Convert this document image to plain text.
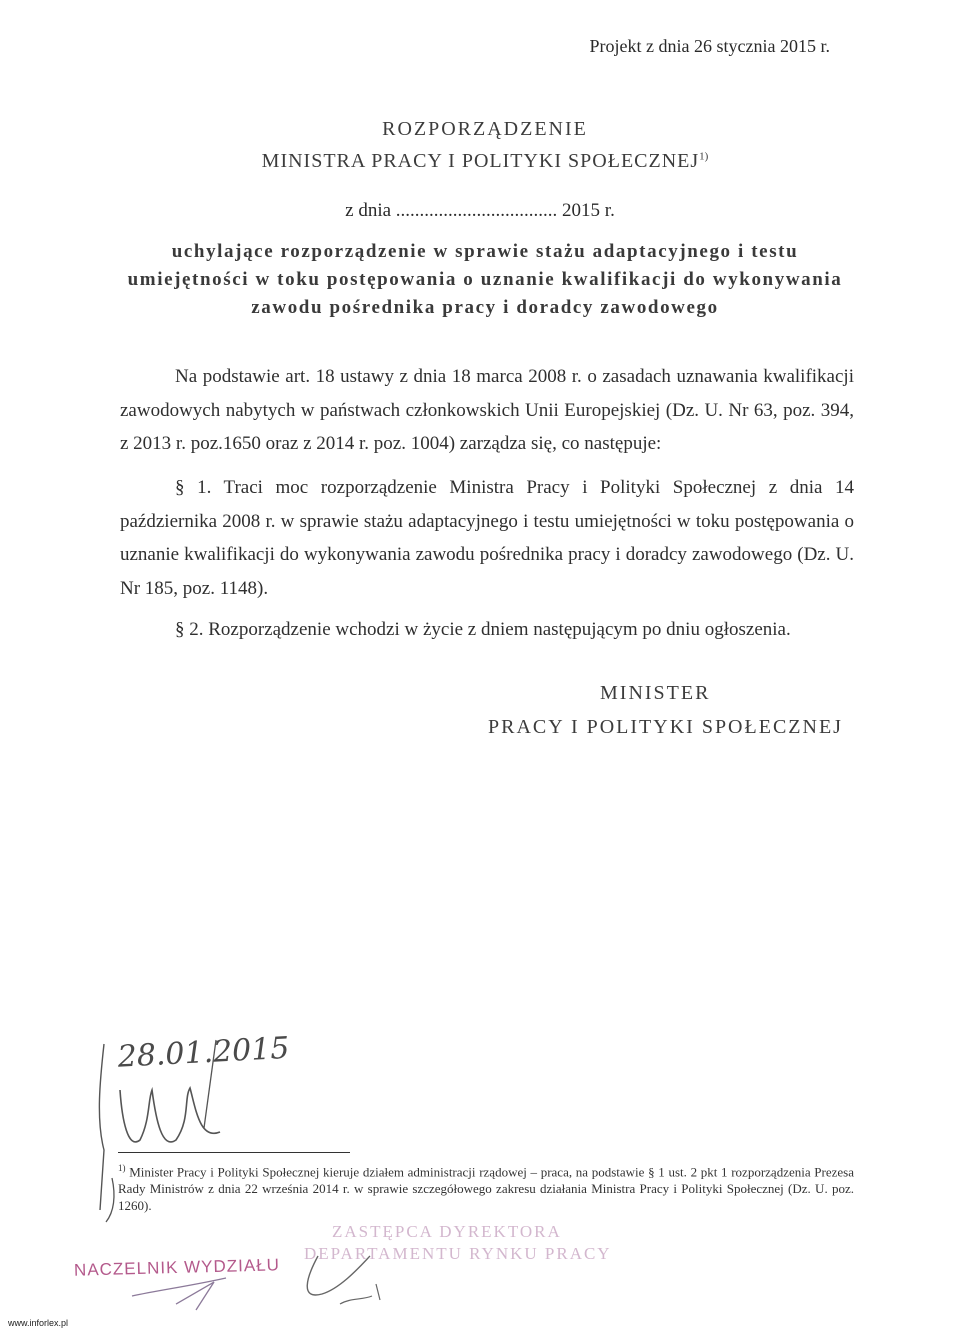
Projekt z dnia 26 stycznia 2015 r.
ROZPORZĄDZENIE
MINISTRA PRACY I POLITYKI SPOŁECZNEJ$^{1)}$
z dnia .................................. 2015 r.
uchylające rozporządzenie w sprawie stażu adaptacyjnego i testu
umiejętności w toku postępowania o uznanie kwalifikacji do wykonywania
zawodu pośrednika pracy i doradcy zawodowego
Na podstawie art. 18 ustawy z dnia 18 marca 2008 r. o zasadach uznawania kwalifikacji zawodowych nabytych w państwach członkowskich Unii Europejskiej (Dz. U. Nr 63, poz. 394, z 2013 r. poz.1650 oraz z 2014 r. poz. 1004) zarządza się, co następuje:
§ 1. Traci moc rozporządzenie Ministra Pracy i Polityki Społecznej z dnia 14 października 2008 r. w sprawie stażu adaptacyjnego i testu umiejętności w toku postępowania o uznanie kwalifikacji do wykonywania zawodu pośrednika pracy i doradcy zawodowego (Dz. U. Nr 185, poz. 1148).
§ 2. Rozporządzenie wchodzi w życie z dniem następującym po dniu ogłoszenia.
MINISTER
PRACY I POLITYKI SPOŁECZNEJ
28.01.2015
$^{1)}$ Minister Pracy i Polityki Społecznej kieruje działem administracji rządowej – praca, na podstawie § 1 ust. 2 pkt 1 rozporządzenia Prezesa Rady Ministrów z dnia 22 września 2014 r. w sprawie szczegółowego zakresu działania Ministra Pracy i Polityki Społecznej (Dz. U. poz. 1260).
NACZELNIK WYDZIAŁU
ZASTĘPCA DYREKTORA
DEPARTAMENTU RYNKU PRACY
www.inforlex.pl
